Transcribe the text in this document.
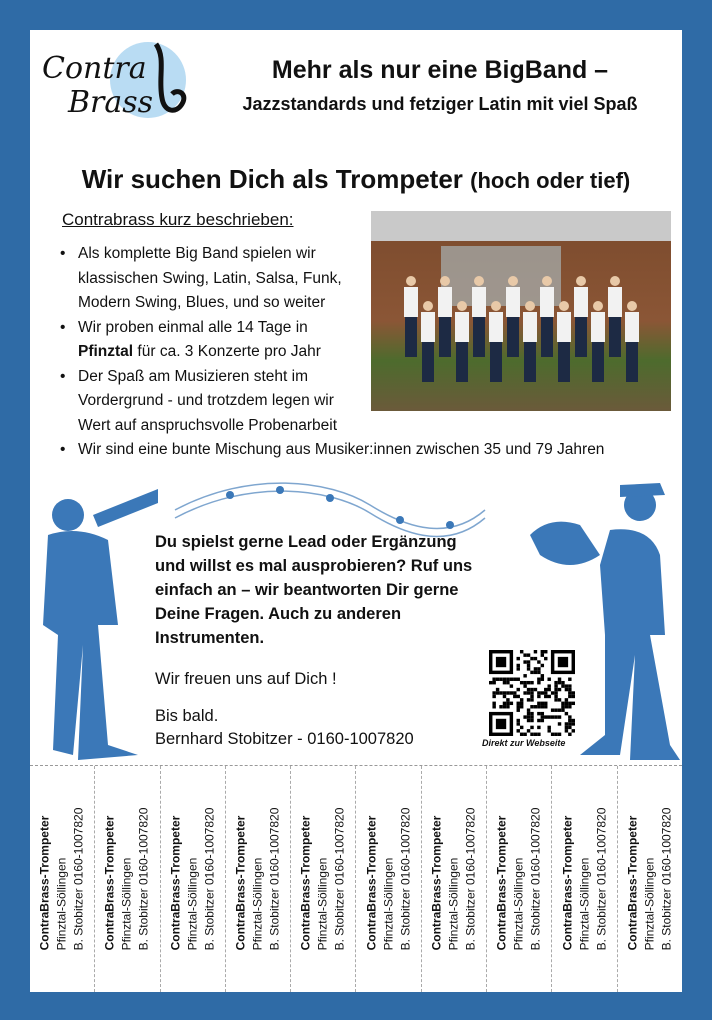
Contra
Brass
Mehr als nur eine BigBand –
Jazzstandards und fetziger Latin mit viel Spaß
Wir suchen Dich als Trompeter (hoch oder tief)
Contrabrass kurz beschrieben:
• Als komplette Big Band spielen wir klassischen Swing, Latin, Salsa, Funk, Modern Swing, Blues, und so weiter
• Wir proben einmal alle 14 Tage in Pfinztal für ca. 3 Konzerte pro Jahr
• Der Spaß am Musizieren steht im Vordergrund - und trotzdem legen wir Wert auf anspruchsvolle Probenarbeit
• Wir sind eine bunte Mischung aus Musiker:innen zwischen 35 und 79 Jahren
Du spielst gerne Lead oder Ergänzung und willst es mal ausprobieren? Ruf uns einfach an – wir beantworten Dir gerne Deine Fragen. Auch zu anderen Instrumenten.
Wir freuen uns auf Dich !
Bis bald.
Bernhard Stobitzer - 0160-1007820	Direkt zur Webseite
ContraBrass-Trompeter Pfinztal-Söllingen B. Stobitzer 0160-1007820 ContraBrass-Trompeter Pfinztal-Söllingen B. Stobitzer 0160-1007820 ContraBrass-Trompeter Pfinztal-Söllingen B. Stobitzer 0160-1007820 ContraBrass-Trompeter Pfinztal-Söllingen B. Stobitzer 0160-1007820 ContraBrass-Trompeter Pfinztal-Söllingen B. Stobitzer 0160-1007820 ContraBrass-Trompeter Pfinztal-Söllingen B. Stobitzer 0160-1007820 ContraBrass-Trompeter Pfinztal-Söllingen B. Stobitzer 0160-1007820 ContraBrass-Trompeter Pfinztal-Söllingen B. Stobitzer 0160-1007820 ContraBrass-Trompeter Pfinztal-Söllingen B. Stobitzer 0160-1007820 ContraBrass-Trompeter Pfinztal-Söllingen B. Stobitzer 0160-1007820
